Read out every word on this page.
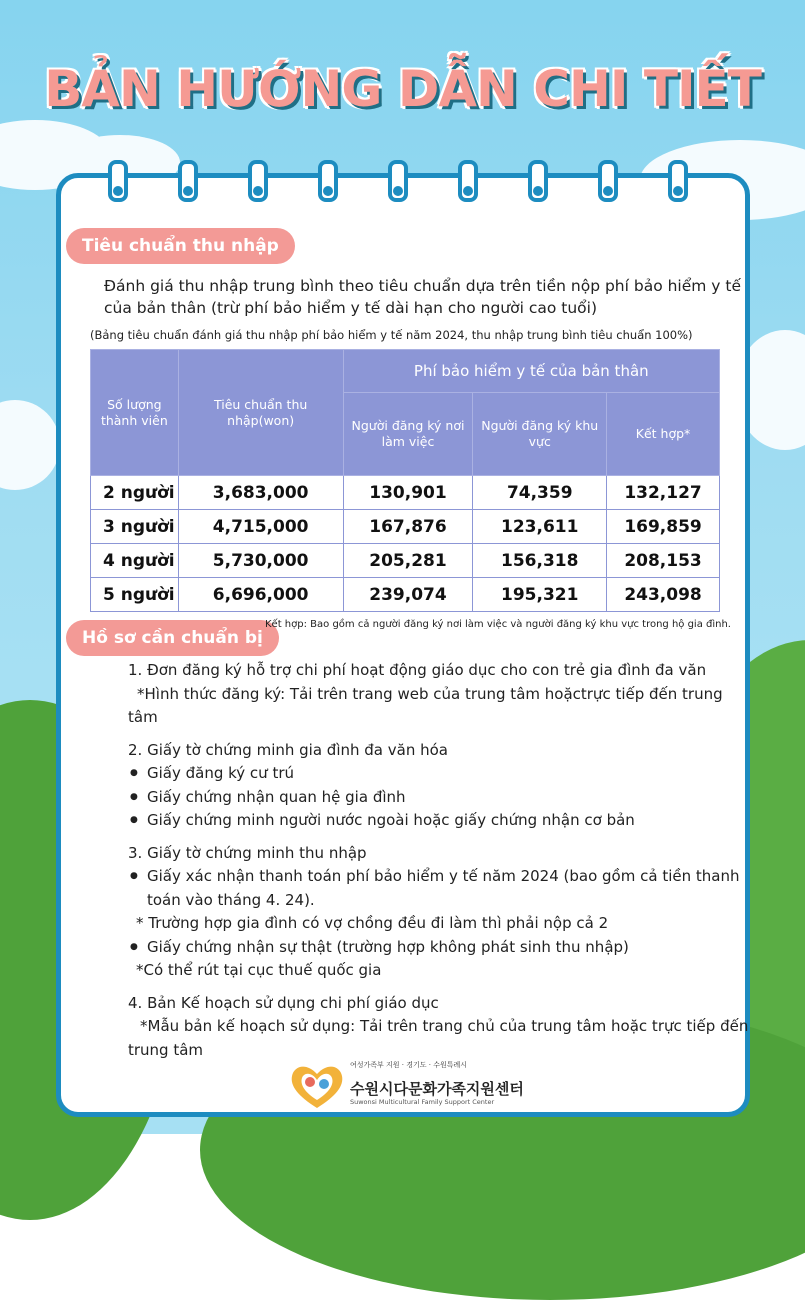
BẢN HƯỚNG DẪN CHI TIẾT
Tiêu chuẩn thu nhập
Đánh giá thu nhập trung bình theo tiêu chuẩn dựa trên tiền nộp phí bảo hiểm y tế của bản thân (trừ phí bảo hiểm y tế dài hạn cho người cao tuổi)
(Bảng tiêu chuẩn đánh giá thu nhập phí bảo hiểm y tế năm 2024, thu nhập trung bình tiêu chuẩn 100%)
Số lượng thành viên	Tiêu chuẩn thu nhập(won)	Phí bảo hiểm y tế của bản thân		
		Người đăng ký nơi làm việc	Người đăng ký khu vực	Kết hợp*
2 người	3,683,000	130,901	74,359	132,127
3 người	4,715,000	167,876	123,611	169,859
4 người	5,730,000	205,281	156,318	208,153
5 người	6,696,000	239,074	195,321	243,098
Hồ sơ cần chuẩn bị
Kết hợp: Bao gồm cả người đăng ký nơi làm việc và người đăng ký khu vực trong hộ gia đình.

1. Đơn đăng ký hỗ trợ chi phí hoạt động giáo dục cho con trẻ gia đình đa văn

*Hình thức đăng ký: Tải trên trang web của trung tâm hoặctrực tiếp đến trung tâm

2. Giấy tờ chứng minh gia đình đa văn hóa

● Giấy đăng ký cư trú

● Giấy chứng nhận quan hệ gia đình

● Giấy chứng minh người nước ngoài hoặc giấy chứng nhận cơ bản

3. Giấy tờ chứng minh thu nhập

● Giấy xác nhận thanh toán phí bảo hiểm y tế năm 2024 (bao gồm cả tiền thanh toán vào tháng 4. 24).

* Trường hợp gia đình có vợ chồng đều đi làm thì phải nộp cả 2

● Giấy chứng nhận sự thật (trường hợp không phát sinh thu nhập)

*Có thể rút tại cục thuế quốc gia

4. Bản Kế hoạch sử dụng chi phí giáo dục

*Mẫu bản kế hoạch sử dụng: Tải trên trang chủ của trung tâm hoặc trực tiếp đến trung tâm

여성가족부 지원 · 경기도 · 수원특례시
수원시다문화가족지원센터
Suwonsi Multicultural Family Support Center
